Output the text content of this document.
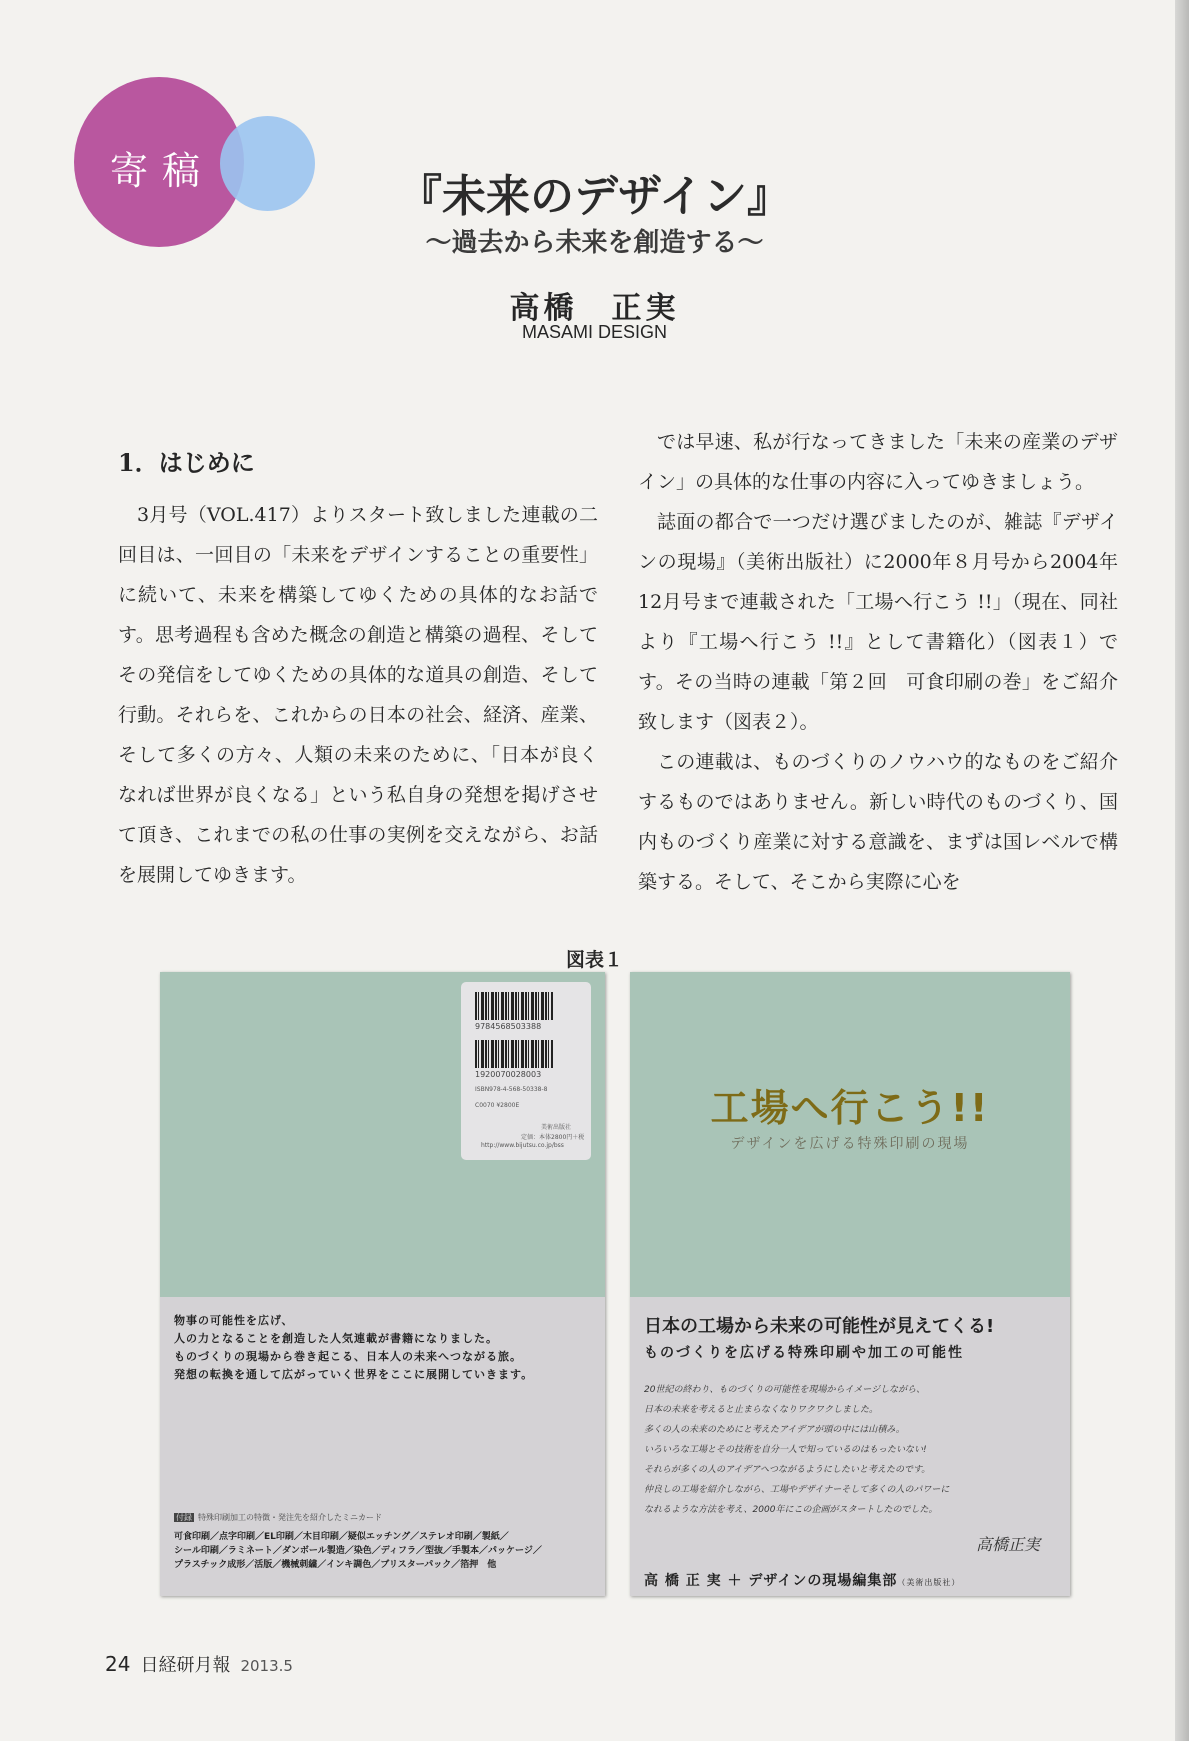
寄稿	『未来のデザイン』
〜過去から未来を創造する〜
高橋　正実
MASAMI DESIGN
1．はじめに

3月号（VOL.417）よりスタート致しました連載の二回目は、一回目の「未来をデザインすることの重要性」に続いて、未来を構築してゆくための具体的なお話です。思考過程も含めた概念の創造と構築の過程、そしてその発信をしてゆくための具体的な道具の創造、そして行動。それらを、これからの日本の社会、経済、産業、そして多くの方々、人類の未来のために、「日本が良くなれば世界が良くなる」という私自身の発想を掲げさせて頂き、これまでの私の仕事の実例を交えながら、お話を展開してゆきます。

では早速、私が行なってきました「未来の産業のデザイン」の具体的な仕事の内容に入ってゆきましょう。

誌面の都合で一つだけ選びましたのが、雑誌『デザインの現場』（美術出版社）に2000年８月号から2004年12月号まで連載された「工場へ行こう !!」（現在、同社より『工場へ行こう !!』として書籍化）（図表１）です。その当時の連載「第２回　可食印刷の巻」をご紹介致します（図表２）。

この連載は、ものづくりのノウハウ的なものをご紹介するものではありません。新しい時代のものづくり、国内ものづくり産業に対する意識を、まずは国レベルで構築する。そして、そこから実際に心を

図表１
9784568503388
1920070028003
ISBN978-4-568-50338-8
C0070 ¥2800E
美術出版社
定価：本体2800円＋税
http://www.bijutsu.co.jp/bss
物事の可能性を広げ、
人の力となることを創造した人気連載が書籍になりました。
ものづくりの現場から巻き起こる、日本人の未来へつながる旅。
発想の転換を通して広がっていく世界をここに展開していきます。
付録 特殊印刷加工の特徴・発注先を紹介したミニカード
可食印刷／点字印刷／EL印刷／木目印刷／疑似エッチング／ステレオ印刷／製紙／
シール印刷／ラミネート／ダンボール製造／染色／ディフラ／型抜／手製本／パッケージ／
プラスチック成形／活版／機械刺繍／インキ調色／ブリスターパック／箔押　他
工場へ行こう!!
デザインを広げる特殊印刷の現場
日本の工場から未来の可能性が見えてくる!
ものづくりを広げる特殊印刷や加工の可能性
20世紀の終わり、ものづくりの可能性を現場からイメージしながら、
日本の未来を考えると止まらなくなりワクワクしました。
多くの人の未来のためにと考えたアイデアが頭の中には山積み。
いろいろな工場とその技術を自分一人で知っているのはもったいない!
それらが多くの人のアイデアへつながるようにしたいと考えたのです。
仲良しの工場を紹介しながら、工場やデザイナーそして多くの人のパワーに
なれるような方法を考え、2000年にこの企画がスタートしたのでした。
高橋正実
高 橋 正 実 ＋ デザインの現場編集部（美術出版社）
24 日経研月報 2013.5
